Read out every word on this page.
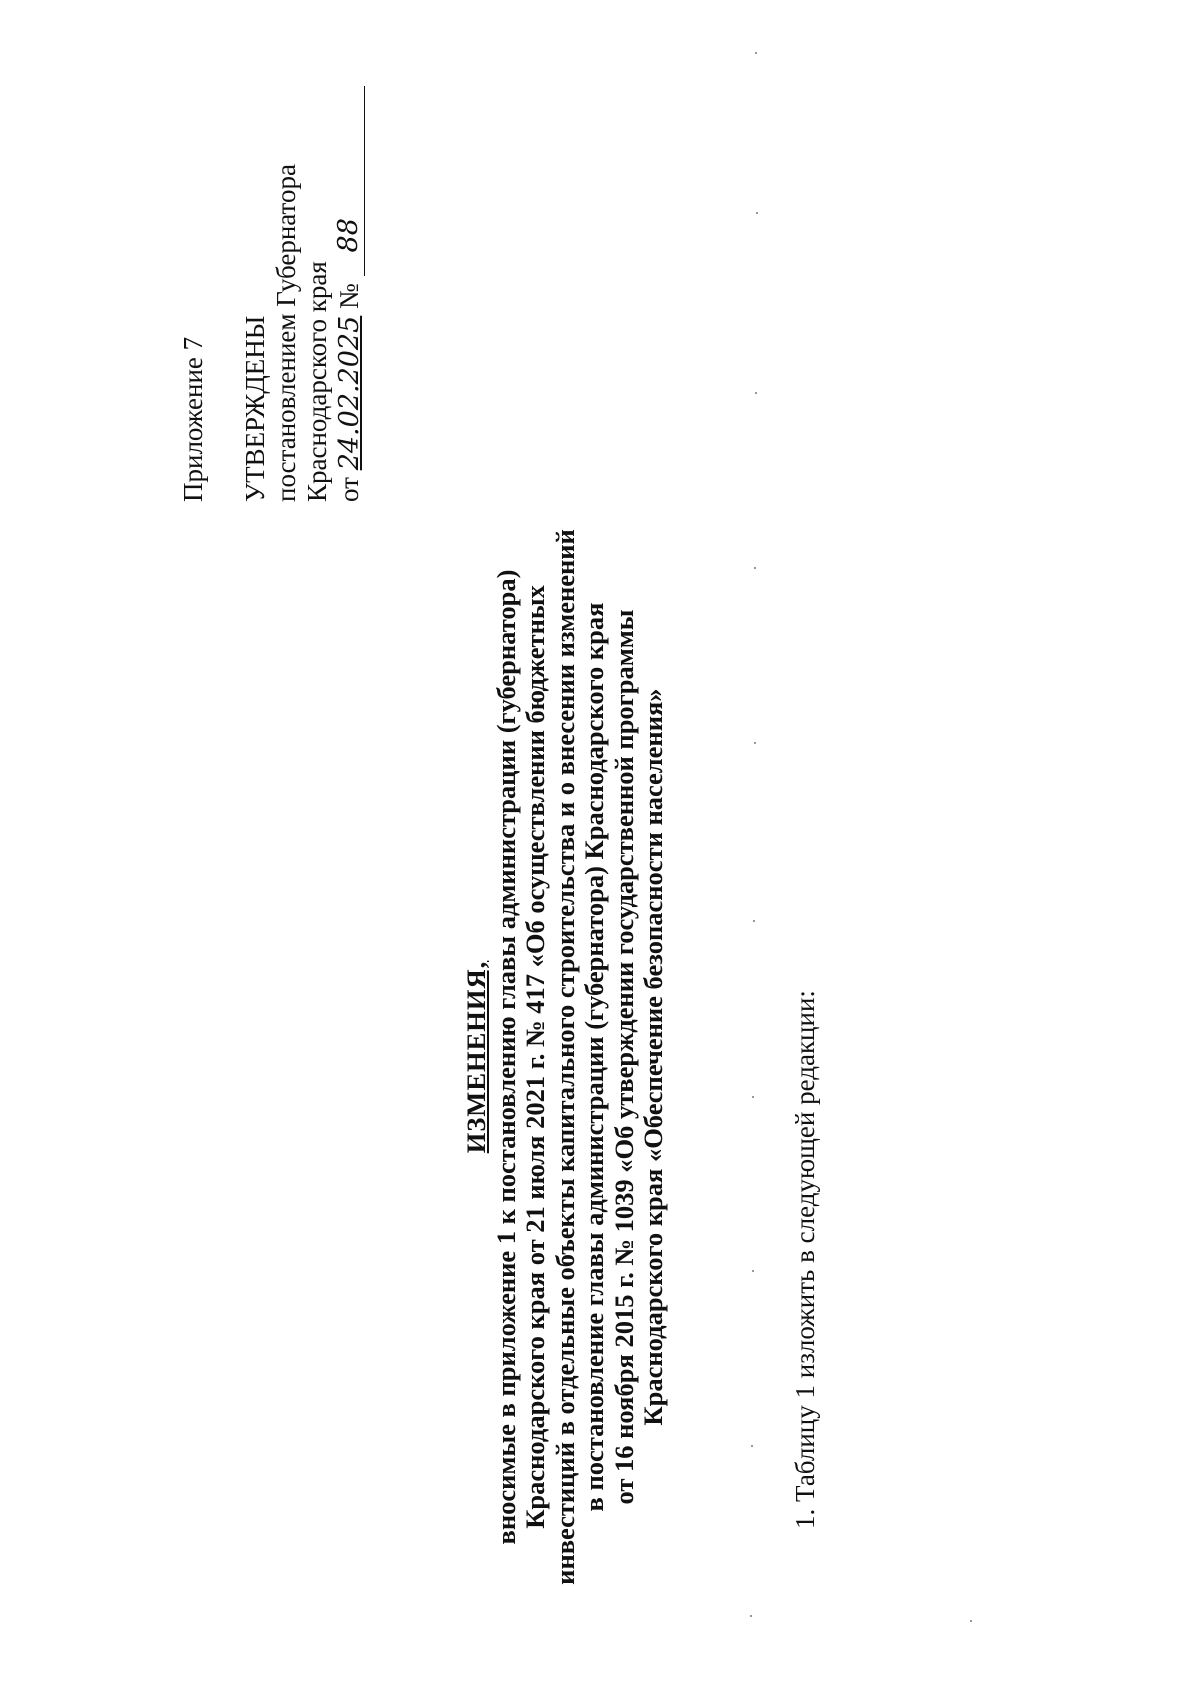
Приложение 7 УТВЕРЖДЕНЫ постановлением Губернатора Краснодарского края от 24.02.2025 № 88
ИЗМЕНЕНИЯ, вносимые в приложение 1 к постановлению главы администрации (губернатора) Краснодарского края от 21 июля 2021 г. № 417 «Об осуществлении бюджетных инвестиций в отдельные объекты капитального строительства и о внесении изменений в постановление главы администрации (губернатора) Краснодарского края от 16 ноября 2015 г. № 1039 «Об утверждении государственной программы Краснодарского края «Обеспечение безопасности населения»	1. Таблицу 1 изложить в следующей редакции:
